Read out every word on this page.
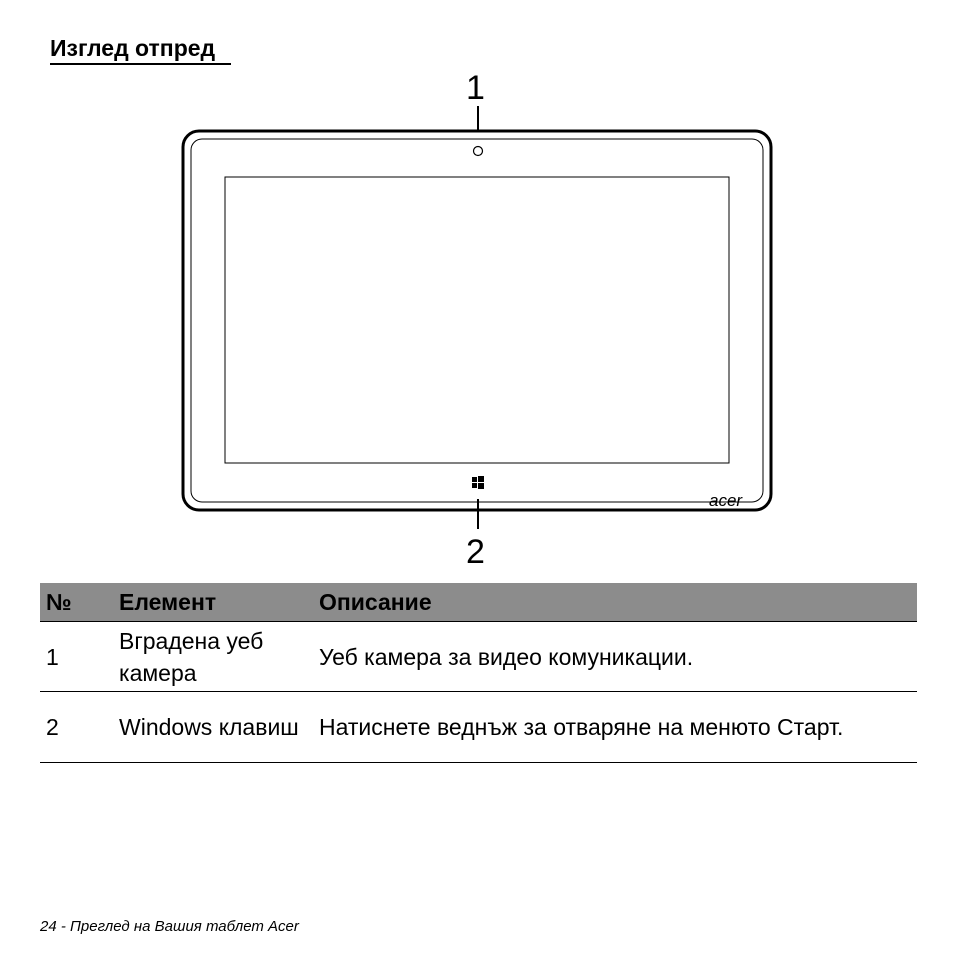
Изглед отпред
1
acer
2
№	Елемент	Описание
1	Вградена уеб камера	Уеб камера за видео комуникации.
2	Windows клавиш	Натиснете веднъж за отваряне на менюто Старт.
24 - Преглед на Вашия таблет Acer
